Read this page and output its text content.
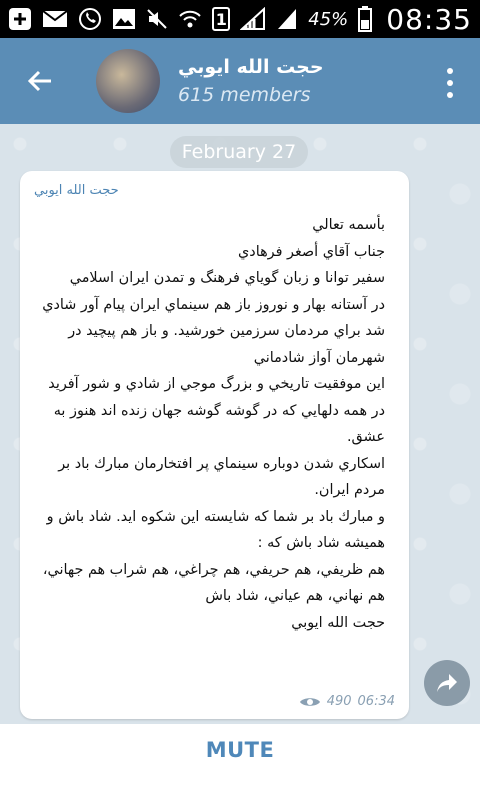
1	45% 08:35
حجت الله ايوبي
615 members
February 27
حجت الله ايوبي
بأسمه تعالي
جناب آقاي أصغر فرهادي
سفير توانا و زبان گوياي فرهنگ و تمدن ايران اسلامي
در آستانه بهار و نوروز باز هم سينماي ايران پيام آور شادي شد براي مردمان سرزمين خورشيد. و باز هم پيچيد در شهرمان آواز شادماني
اين موفقيت تاريخي و بزرگ موجي از شادي و شور آفريد در همه دلهايي كه در گوشه گوشه جهان زنده اند هنوز به عشق.
اسكاري شدن دوباره سينماي پر افتخارمان مبارك باد بر مردم ايران.
و مبارك باد بر شما كه شايسته اين شكوه ايد. شاد باش و هميشه شاد باش كه :
هم ظريفي، هم حريفي، هم چراغي، هم شراب هم جهاني، هم نهاني، هم عياني، شاد باش
حجت الله ايوبي
490 06:34
MUTE
Namnak.com
